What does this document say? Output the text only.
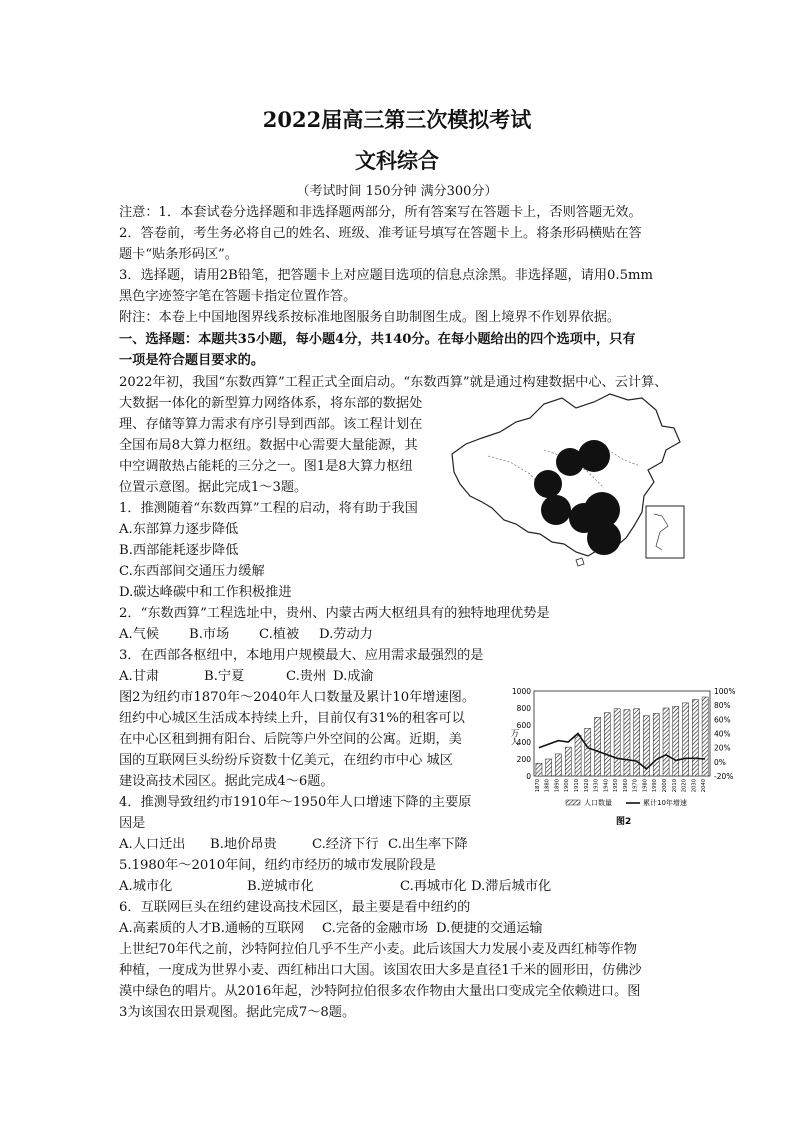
2022届高三第三次模拟考试
文科综合
（考试时间 150分钟 满分300分）
注意：1．本套试卷分选择题和非选择题两部分，所有答案写在答题卡上，否则答题无效。
2．答卷前，考生务必将自己的姓名、班级、准考证号填写在答题卡上。将条形码横贴在答
题卡“贴条形码区”。
3．选择题，请用2B铅笔，把答题卡上对应题目选项的信息点涂黑。非选择题，请用0.5mm
黑色字迹签字笔在答题卡指定位置作答。
附注：本卷上中国地图界线系按标准地图服务自助制图生成。图上境界不作划界依据。
一、选择题：本题共35小题，每小题4分，共140分。在每小题给出的四个选项中，只有
一项是符合题目要求的。
2022年初，我国“东数西算”工程正式全面启动。“东数西算”就是通过构建数据中心、云计算、
大数据一体化的新型算力网络体系，将东部的数据处
理、存储等算力需求有序引导到西部。该工程计划在
全国布局8大算力枢纽。数据中心需要大量能源，其
中空调散热占能耗的三分之一。图1是8大算力枢纽
位置示意图。据此完成1～3题。
1．推测随着“东数西算”工程的启动，将有助于我国
A.东部算力逐步降低
B.西部能耗逐步降低
C.东西部间交通压力缓解
D.碳达峰碳中和工作积极推进
2．“东数西算”工程选址中，贵州、内蒙古两大枢纽具有的独特地理优势是
A.气候 B.市场 C.植被 D.劳动力
3．在西部各枢纽中，本地用户规模最大、应用需求最强烈的是
A.甘肃	B.宁夏	C.贵州 D.成渝
图2为纽约市1870年～2040年人口数量及累计10年增速图。
纽约中心城区生活成本持续上升，目前仅有31%的租客可以
在中心区租到拥有阳台、后院等户外空间的公寓。近期，美
国的互联网巨头纷纷斥资数十亿美元，在纽约市中心 城区
建设高技术园区。据此完成4～6题。
4．推测导致纽约市1910年～1950年人口增速下降的主要原
因是
A.人口迁出 B.地价昂贵	C.经济下行 C.出生率下降
5.1980年～2010年间，纽约市经历的城市发展阶段是
A.城市化	B.逆城市化	C.再城市化 D.滞后城市化
6．互联网巨头在纽约建设高技术园区，最主要是看中纽约的
A.高素质的人才 B.通畅的互联网 C.完备的金融市场 D.便捷的交通运输
上世纪70年代之前，沙特阿拉伯几乎不生产小麦。此后该国大力发展小麦及西红柿等作物
种植，一度成为世界小麦、西红柿出口大国。该国农田大多是直径1千米的圆形田，仿佛沙
漠中绿色的唱片。从2016年起，沙特阿拉伯很多农作物由大量出口变成完全依赖进口。图
3为该国农田景观图。据此完成7～8题。
0
200
400
600
800
1000
-20%
0%
20%
40%
60%
80%
100%
1870 1880 1890 1900 1910 1920 1930 1940 1950 1960 1970 1980 1990 2000 2010 2020 2030 2040
万人
人口数量	累计10年增速
图2
